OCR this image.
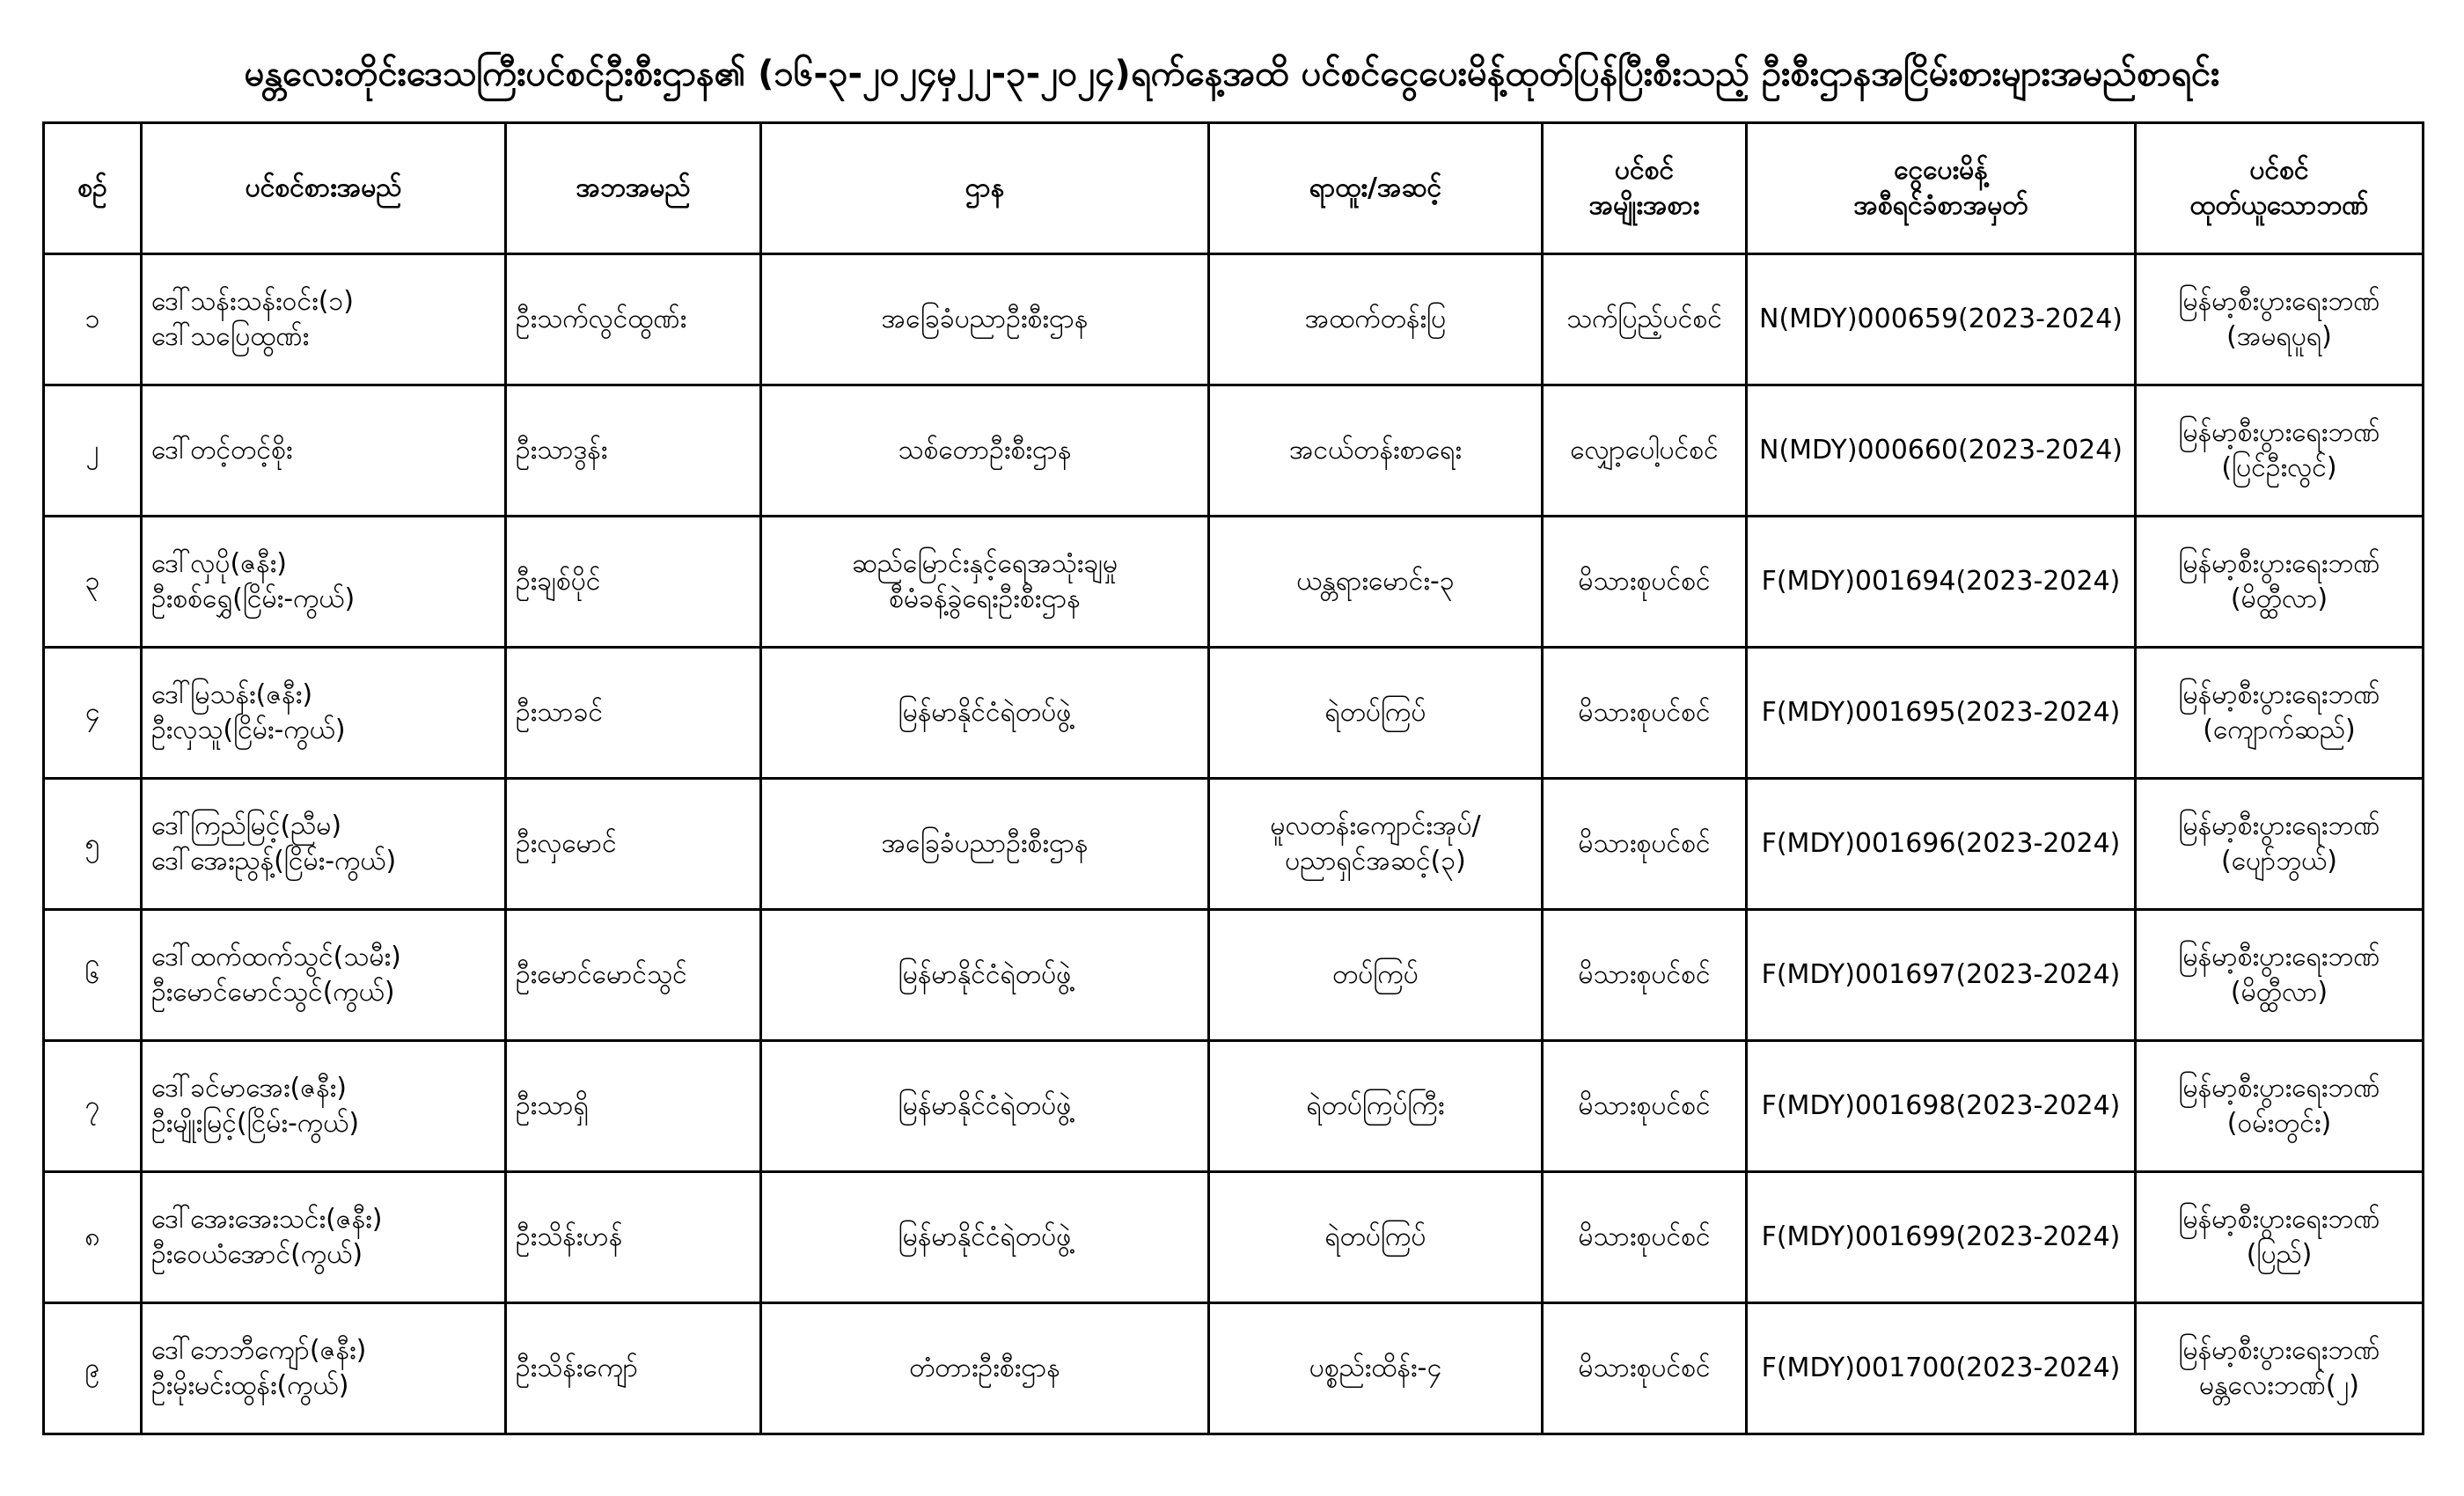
မန္တလေးတိုင်းဒေသကြီးပင်စင်ဦးစီးဌာန၏ (၁၆-၃-၂၀၂၄မှ၂၂-၃-၂၀၂၄)ရက်နေ့အထိ ပင်စင်ငွေပေးမိန့်ထုတ်ပြန်ပြီးစီးသည့် ဦးစီးဌာနအငြိမ်းစားများအမည်စာရင်း
စဉ်	ပင်စင်စားအမည်	အဘအမည်	ဌာန	ရာထူး/အဆင့်	ပင်စင်
အမျိုးအစား	ငွေပေးမိန့်
အစီရင်ခံစာအမှတ်	ပင်စင်
ထုတ်ယူသောဘဏ်

၁	ဒေါ်သန်းသန်းဝင်း(၁)
ဒေါ်သပြေထွဏ်း	ဦးသက်လွင်ထွဏ်း	အခြေခံပညာဦးစီးဌာန	အထက်တန်းပြ	သက်ပြည့်ပင်စင်	N(MDY)000659(2023-2024)	မြန်မာ့စီးပွားရေးဘဏ်
(အမရပူရ)

၂	ဒေါ်တင့်တင့်စိုး	ဦးသာဒွန်း	သစ်တောဦးစီးဌာန	အငယ်တန်းစာရေး	လျှော့ပေါ့ပင်စင်	N(MDY)000660(2023-2024)	မြန်မာ့စီးပွားရေးဘဏ်
(ပြင်ဦးလွင်)

၃	ဒေါ်လှပို(ဇနီး)
ဦးစစ်ရွှေ(ငြိမ်း-ကွယ်)	ဦးချစ်ပိုင်	ဆည်မြောင်းနှင့်ရေအသုံးချမှု
စီမံခန့်ခွဲရေးဦးစီးဌာန	ယန္တရားမောင်း-၃	မိသားစုပင်စင်	F(MDY)001694(2023-2024)	မြန်မာ့စီးပွားရေးဘဏ်
(မိတ္ထီလာ)

၄	ဒေါ်မြသန်း(ဇနီး)
ဦးလှသူ(ငြိမ်း-ကွယ်)	ဦးသာခင်	မြန်မာနိုင်ငံရဲတပ်ဖွဲ့	ရဲတပ်ကြပ်	မိသားစုပင်စင်	F(MDY)001695(2023-2024)	မြန်မာ့စီးပွားရေးဘဏ်
(ကျောက်ဆည်)

၅	ဒေါ်ကြည်မြင့်(ညီမ)
ဒေါ်အေးညွန့်(ငြိမ်း-ကွယ်)	ဦးလှမောင်	အခြေခံပညာဦးစီးဌာန	မူလတန်းကျောင်းအုပ်/
ပညာရှင်အဆင့်(၃)	မိသားစုပင်စင်	F(MDY)001696(2023-2024)	မြန်မာ့စီးပွားရေးဘဏ်
(ပျော်ဘွယ်)

၆	ဒေါ်ထက်ထက်သွင်(သမီး)
ဦးမောင်မောင်သွင်(ကွယ်)	ဦးမောင်မောင်သွင်	မြန်မာနိုင်ငံရဲတပ်ဖွဲ့	တပ်ကြပ်	မိသားစုပင်စင်	F(MDY)001697(2023-2024)	မြန်မာ့စီးပွားရေးဘဏ်
(မိတ္ထီလာ)

၇	ဒေါ်ခင်မာအေး(ဇနီး)
ဦးမျိုးမြင့်(ငြိမ်း-ကွယ်)	ဦးသာရှိ	မြန်မာနိုင်ငံရဲတပ်ဖွဲ့	ရဲတပ်ကြပ်ကြီး	မိသားစုပင်စင်	F(MDY)001698(2023-2024)	မြန်မာ့စီးပွားရေးဘဏ်
(ဝမ်းတွင်း)

၈	ဒေါ်အေးအေးသင်း(ဇနီး)
ဦးဝေယံအောင်(ကွယ်)	ဦးသိန်းဟန်	မြန်မာနိုင်ငံရဲတပ်ဖွဲ့	ရဲတပ်ကြပ်	မိသားစုပင်စင်	F(MDY)001699(2023-2024)	မြန်မာ့စီးပွားရေးဘဏ်
(ပြည်)

၉	ဒေါ်ဘေဘီကျော်(ဇနီး)
ဦးမိုးမင်းထွန်း(ကွယ်)	ဦးသိန်းကျော်	တံတားဦးစီးဌာန	ပစ္စည်းထိန်း-၄	မိသားစုပင်စင်	F(MDY)001700(2023-2024)	မြန်မာ့စီးပွားရေးဘဏ်
မန္တလေးဘဏ်(၂)
